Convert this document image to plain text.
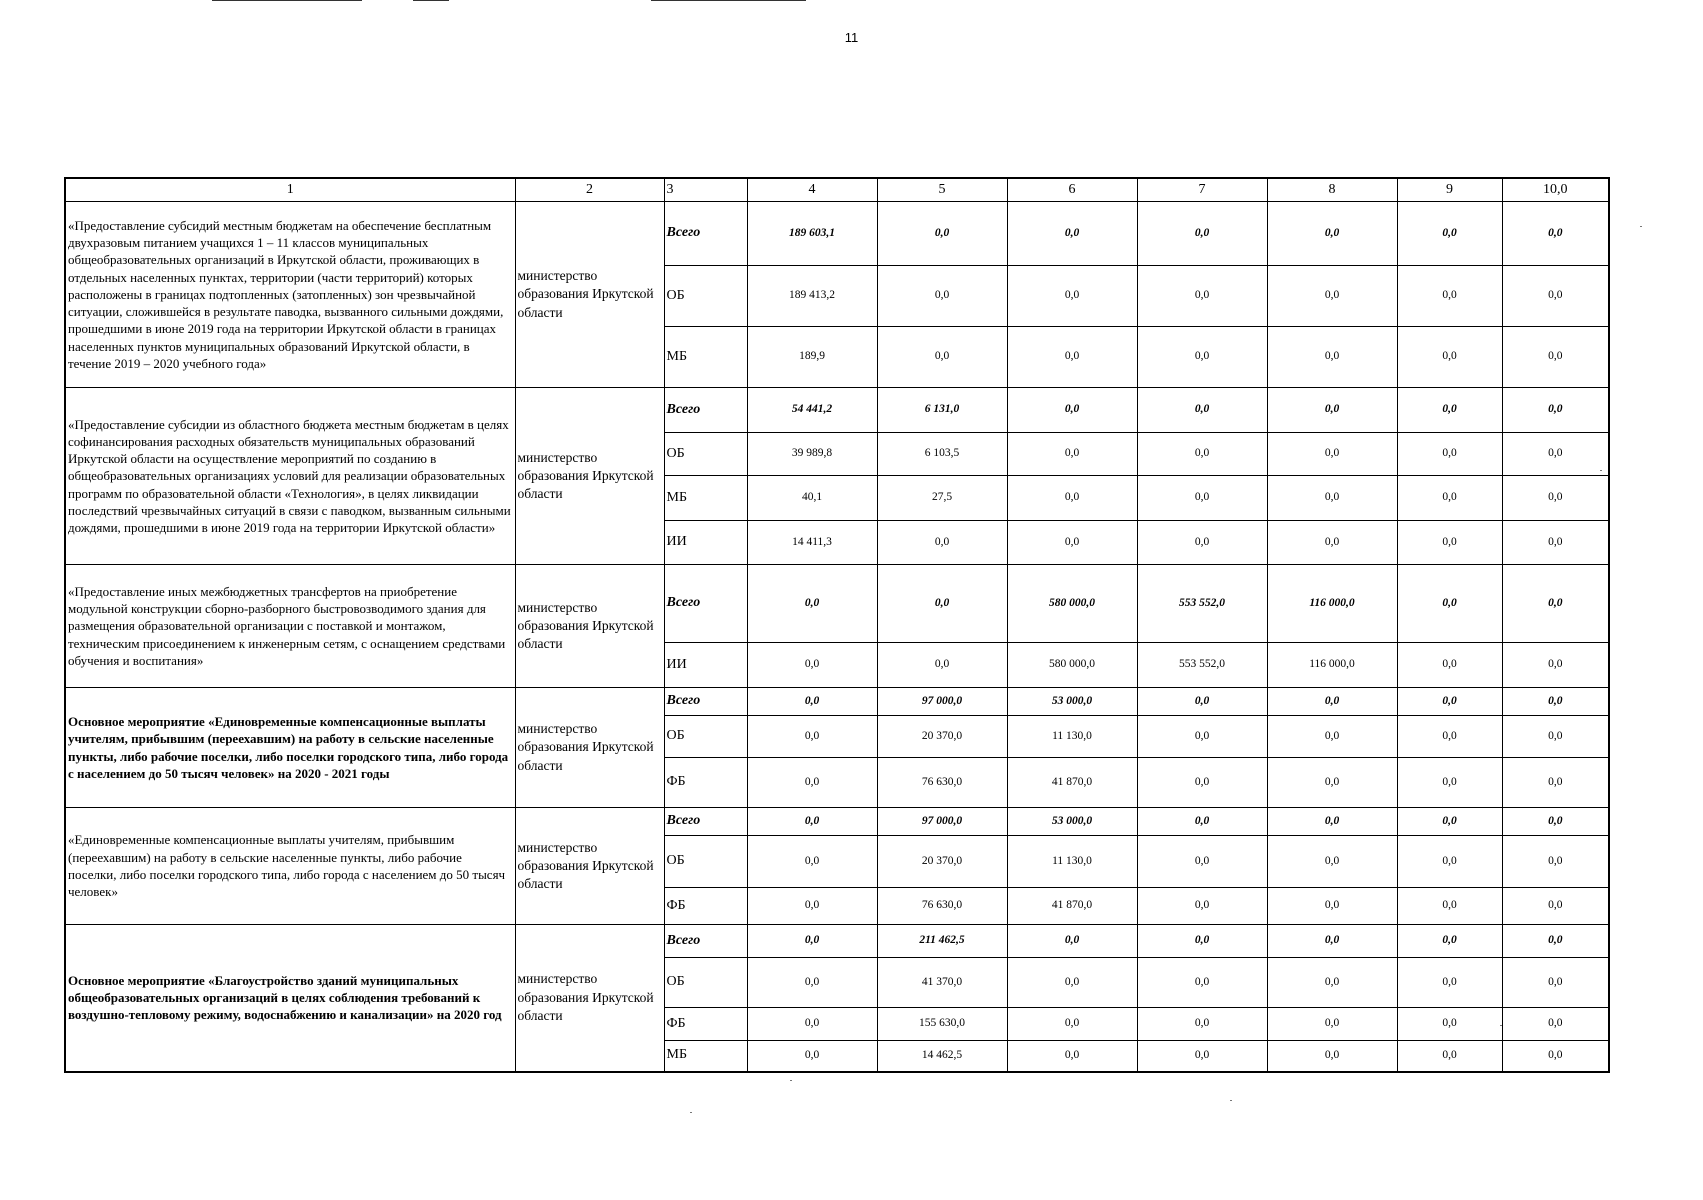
11
1	2	3	4	5	6	7	8	9	10,0
«Предоставление субсидий местным бюджетам на обеспечение бесплатным двухразовым питанием учащихся 1 – 11 классов муниципальных общеобразовательных организаций в Иркутской области, проживающих в отдельных населенных пунктах, территории (части территорий) которых расположены в границах подтопленных (затопленных) зон чрезвычайной ситуации, сложившейся в результате паводка, вызванного сильными дождями, прошедшими в июне 2019 года на территории Иркутской области в границах населенных пунктов муниципальных образований Иркутской области, в течение 2019 – 2020 учебного года»	министерство образования Иркутской области	Всего	189 603,1	0,0	0,0	0,0	0,0	0,0	0,0
		ОБ	189 413,2	0,0	0,0	0,0	0,0	0,0	0,0
		МБ	189,9	0,0	0,0	0,0	0,0	0,0	0,0
«Предоставление субсидии из областного бюджета местным бюджетам в целях софинансирования расходных обязательств муниципальных образований Иркутской области на осуществление мероприятий по созданию в общеобразовательных организациях условий для реализации образовательных программ по образовательной области «Технология», в целях ликвидации последствий чрезвычайных ситуаций в связи с паводком, вызванным сильными дождями, прошедшими в июне 2019 года на территории Иркутской области»	министерство образования Иркутской области	Всего	54 441,2	6 131,0	0,0	0,0	0,0	0,0	0,0
		ОБ	39 989,8	6 103,5	0,0	0,0	0,0	0,0	0,0
		МБ	40,1	27,5	0,0	0,0	0,0	0,0	0,0
		ИИ	14 411,3	0,0	0,0	0,0	0,0	0,0	0,0
«Предоставление иных межбюджетных трансфертов на приобретение модульной конструкции сборно-разборного быстровозводимого здания для размещения образовательной организации с поставкой и монтажом, техническим присоединением к инженерным сетям, с оснащением средствами обучения и воспитания»	министерство образования Иркутской области	Всего	0,0	0,0	580 000,0	553 552,0	116 000,0	0,0	0,0
		ИИ	0,0	0,0	580 000,0	553 552,0	116 000,0	0,0	0,0
Основное мероприятие «Единовременные компенсационные выплаты учителям, прибывшим (переехавшим) на работу в сельские населенные пункты, либо рабочие поселки, либо поселки городского типа, либо города с населением до 50 тысяч человек» на 2020 - 2021 годы	министерство образования Иркутской области	Всего	0,0	97 000,0	53 000,0	0,0	0,0	0,0	0,0
		ОБ	0,0	20 370,0	11 130,0	0,0	0,0	0,0	0,0
		ФБ	0,0	76 630,0	41 870,0	0,0	0,0	0,0	0,0
«Единовременные компенсационные выплаты учителям, прибывшим (переехавшим) на работу в сельские населенные пункты, либо рабочие поселки, либо поселки городского типа, либо города с населением до 50 тысяч человек»	министерство образования Иркутской области	Всего	0,0	97 000,0	53 000,0	0,0	0,0	0,0	0,0
		ОБ	0,0	20 370,0	11 130,0	0,0	0,0	0,0	0,0
		ФБ	0,0	76 630,0	41 870,0	0,0	0,0	0,0	0,0
Основное мероприятие «Благоустройство зданий муниципальных общеобразовательных организаций в целях соблюдения требований к воздушно-тепловому режиму, водоснабжению и канализации» на 2020 год	министерство образования Иркутской области	Всего	0,0	211 462,5	0,0	0,0	0,0	0,0	0,0
		ОБ	0,0	41 370,0	0,0	0,0	0,0	0,0	0,0
		ФБ	0,0	155 630,0	0,0	0,0	0,0	0,0	0,0
		МБ	0,0	14 462,5	0,0	0,0	0,0	0,0	0,0
